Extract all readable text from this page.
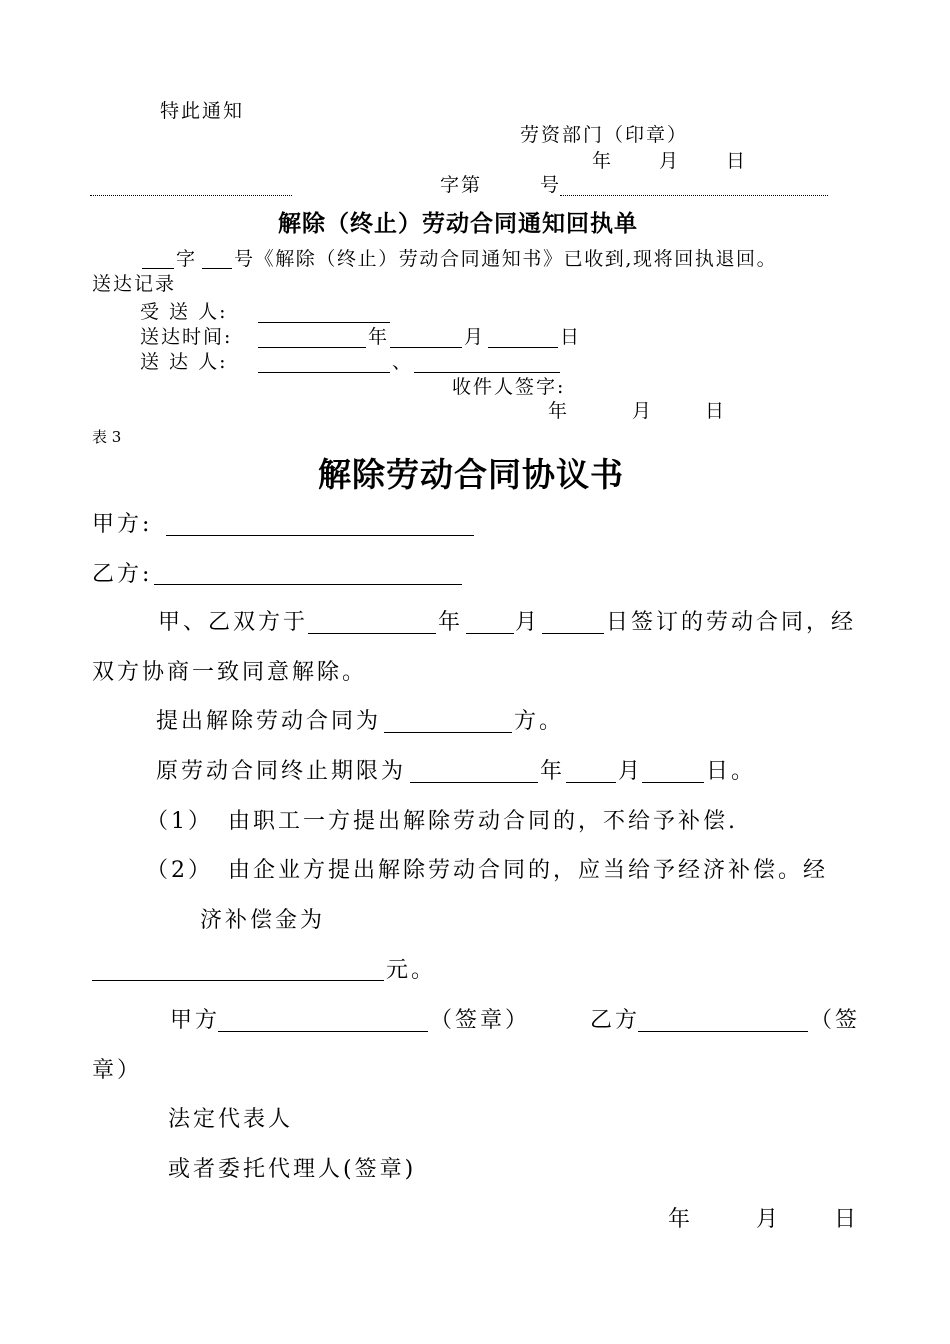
特此通知
劳资部门（印章）
年 月 日
字第	号
解除（终止）劳动合同通知回执单
字 号《解除（终止）劳动合同通知书》已收到,现将回执退回。
送达记录
受 送 人:
送达时间:	年	月	日
送 达 人:	、
收件人签字:
年	月	日
表 3
解除劳动合同协议书
甲方:
乙方:
甲、乙双方于	年 月	日签订的劳动合同，经
双方协商一致同意解除。
提出解除劳动合同为	方。
原劳动合同终止期限为	年 月	日。
（1） 由职工一方提出解除劳动合同的，不给予补偿.
（2） 由企业方提出解除劳动合同的，应当给予经济补偿。经
济补偿金为
元。
甲方	（签章）	乙方	（签
章）
法定代表人
或者委托代理人(签章)
年	月 日
